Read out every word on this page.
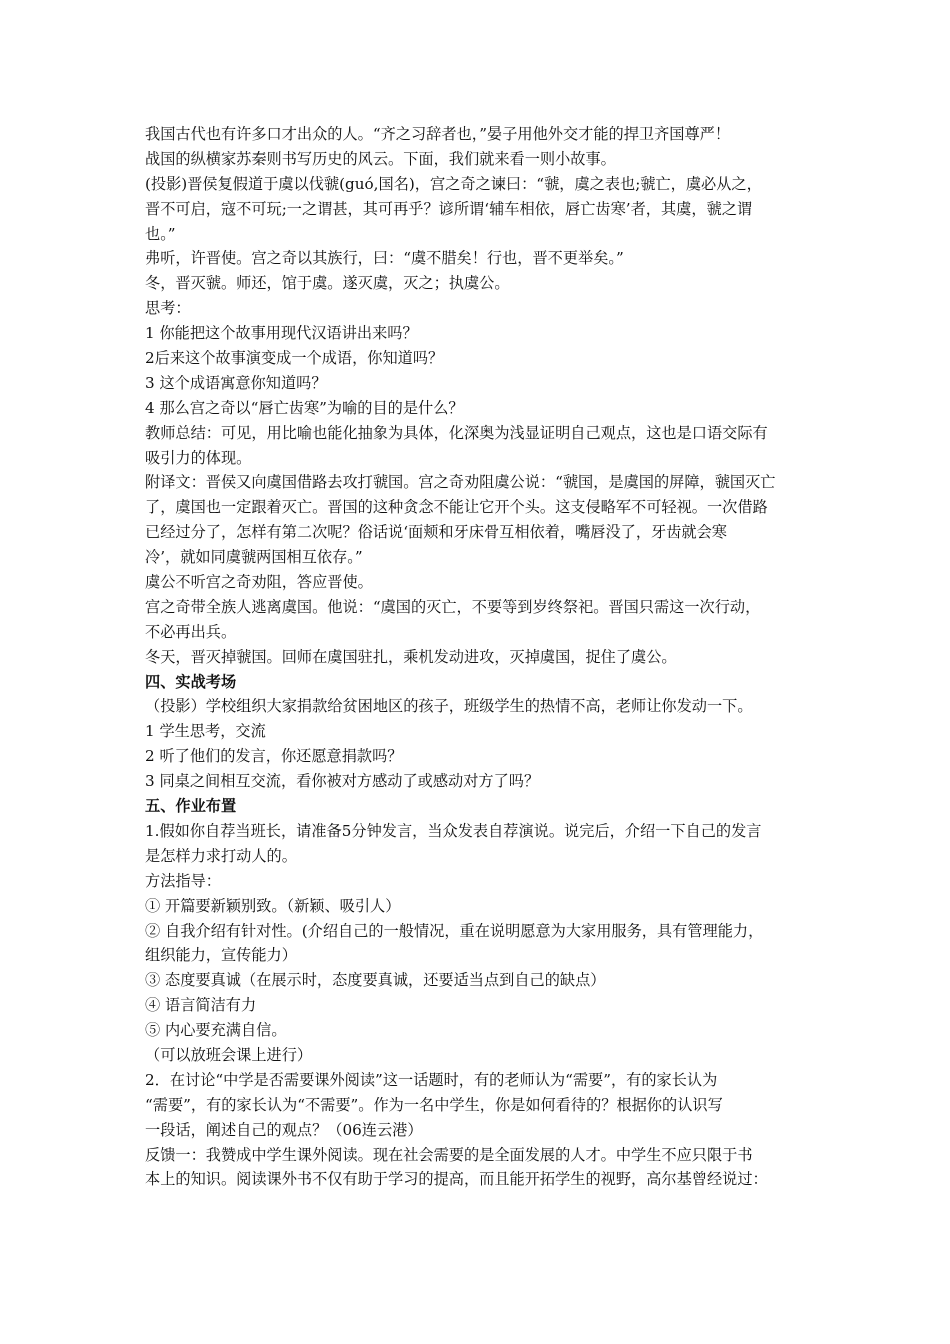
我国古代也有许多口才出众的人。“齐之习辞者也，”晏子用他外交才能的捍卫齐国尊严！
战国的纵横家苏秦则书写历史的风云。下面，我们就来看一则小故事。
(投影)晋侯复假道于虞以伐虢(guó,国名)，宫之奇之谏曰：“虢，虞之表也;虢亡，虞必从之，
晋不可启，寇不可玩;一之谓甚，其可再乎？谚所谓‘辅车相依，唇亡齿寒’者，其虞，虢之谓
也。”
弗听，许晋使。宫之奇以其族行，曰：“虞不腊矣！行也，晋不更举矣。”
冬，晋灭虢。师还，馆于虞。遂灭虞，灭之；执虞公。
思考：
1 你能把这个故事用现代汉语讲出来吗？
2后来这个故事演变成一个成语，你知道吗？
3 这个成语寓意你知道吗？
4 那么宫之奇以“唇亡齿寒”为喻的目的是什么？
教师总结：可见，用比喻也能化抽象为具体，化深奥为浅显证明自己观点，这也是口语交际有
吸引力的体现。
附译文：晋侯又向虞国借路去攻打虢国。宫之奇劝阻虞公说：“虢国，是虞国的屏障，虢国灭亡
了，虞国也一定跟着灭亡。晋国的这种贪念不能让它开个头。这支侵略军不可轻视。一次借路
已经过分了，怎样有第二次呢？俗话说‘面颊和牙床骨互相依着，嘴唇没了，牙齿就会寒
冷’，就如同虞虢两国相互依存。”
虞公不听宫之奇劝阻，答应晋使。
宫之奇带全族人逃离虞国。他说：“虞国的灭亡，不要等到岁终祭祀。晋国只需这一次行动，
不必再出兵。
冬天，晋灭掉虢国。回师在虞国驻扎，乘机发动进攻，灭掉虞国，捉住了虞公。
四、实战考场
（投影）学校组织大家捐款给贫困地区的孩子，班级学生的热情不高，老师让你发动一下。
1 学生思考，交流
2 听了他们的发言，你还愿意捐款吗？
3 同桌之间相互交流，看你被对方感动了或感动对方了吗？
五、作业布置
1.假如你自荐当班长，请准备5分钟发言，当众发表自荐演说。说完后，介绍一下自己的发言
是怎样力求打动人的。
方法指导：
① 开篇要新颖别致。（新颖、吸引人）
② 自我介绍有针对性。(介绍自己的一般情况，重在说明愿意为大家用服务，具有管理能力，
组织能力，宣传能力）
③ 态度要真诚（在展示时，态度要真诚，还要适当点到自己的缺点）
④ 语言简洁有力
⑤ 内心要充满自信。
（可以放班会课上进行）
2．在讨论“中学是否需要课外阅读”这一话题时，有的老师认为“需要”，有的家长认为
“需要”，有的家长认为“不需要”。作为一名中学生，你是如何看待的？根据你的认识写
一段话，阐述自己的观点？（06连云港）
反馈一：我赞成中学生课外阅读。现在社会需要的是全面发展的人才。中学生不应只限于书
本上的知识。阅读课外书不仅有助于学习的提高，而且能开拓学生的视野，高尔基曾经说过：
